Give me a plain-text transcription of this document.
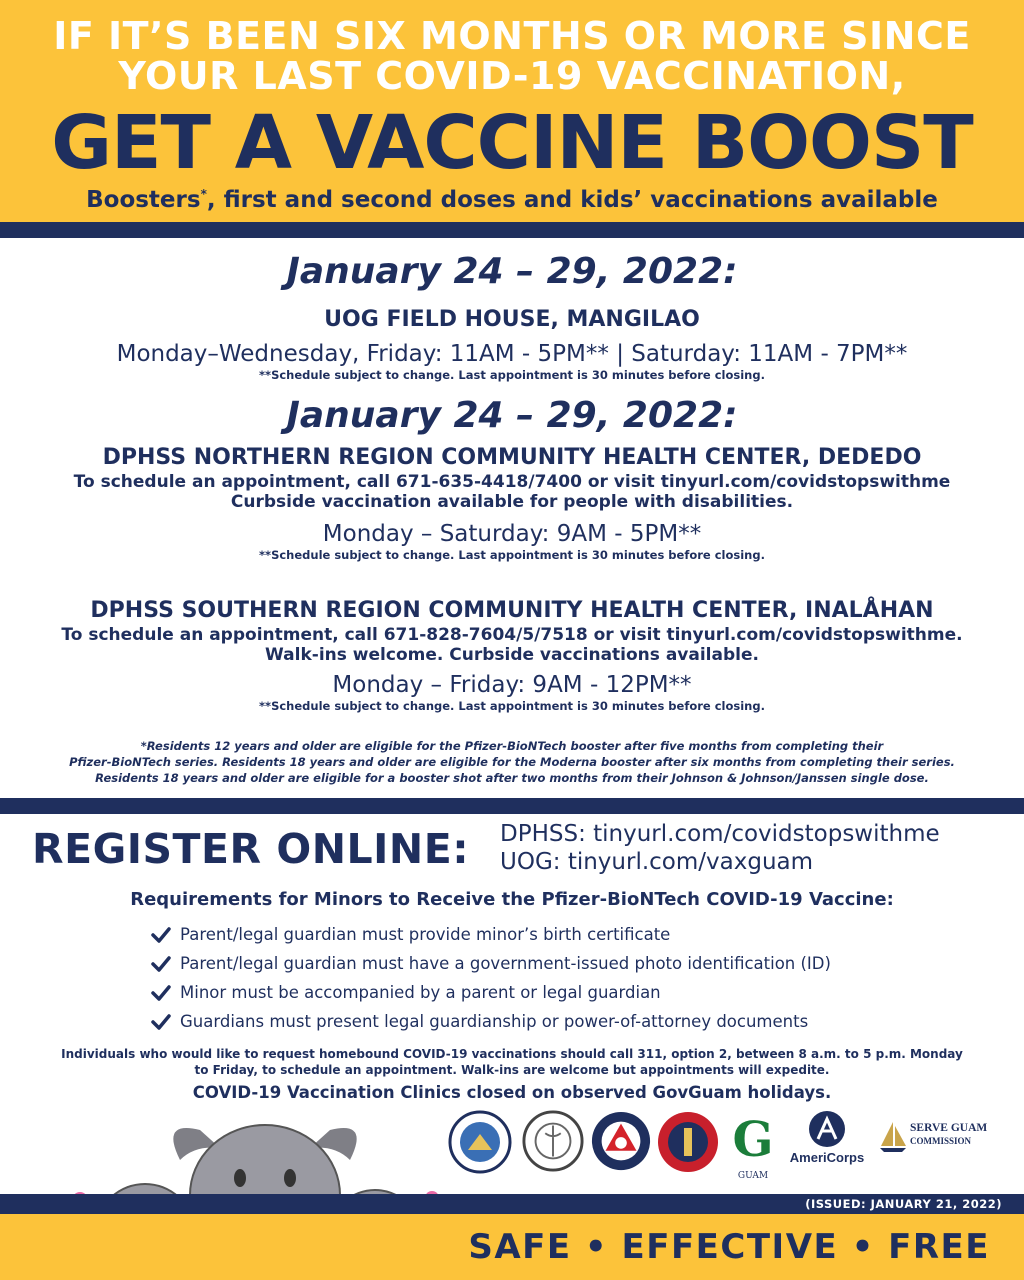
IF IT’S BEEN SIX MONTHS OR MORE SINCE
YOUR LAST COVID-19 VACCINATION,
GET A VACCINE BOOST
Boosters*, first and second doses and kids’ vaccinations available
January 24 – 29, 2022:
UOG FIELD HOUSE, MANGILAO
Monday–Wednesday, Friday: 11AM - 5PM** | Saturday: 11AM - 7PM**
**Schedule subject to change. Last appointment is 30 minutes before closing.
January 24 – 29, 2022:
DPHSS NORTHERN REGION COMMUNITY HEALTH CENTER, DEDEDO
To schedule an appointment, call 671-635-4418/7400 or visit tinyurl.com/covidstopswithme
Curbside vaccination available for people with disabilities.
Monday – Saturday: 9AM - 5PM**
**Schedule subject to change. Last appointment is 30 minutes before closing.
DPHSS SOUTHERN REGION COMMUNITY HEALTH CENTER, INALÅHAN
To schedule an appointment, call 671-828-7604/5/7518 or visit tinyurl.com/covidstopswithme.
Walk-ins welcome. Curbside vaccinations available.
Monday – Friday: 9AM - 12PM**
**Schedule subject to change. Last appointment is 30 minutes before closing.
*Residents 12 years and older are eligible for the Pfizer-BioNTech booster after five months from completing their
Pfizer-BioNTech series. Residents 18 years and older are eligible for the Moderna booster after six months from completing their series.
Residents 18 years and older are eligible for a booster shot after two months from their Johnson & Johnson/Janssen single dose.
REGISTER ONLINE: DPHSS: tinyurl.com/covidstopswithme
UOG: tinyurl.com/vaxguam
Requirements for Minors to Receive the Pfizer-BioNTech COVID-19 Vaccine:
Parent/legal guardian must provide minor’s birth certificate
Parent/legal guardian must have a government-issued photo identification (ID)
Minor must be accompanied by a parent or legal guardian
Guardians must present legal guardianship or power-of-attorney documents
Individuals who would like to request homebound COVID-19 vaccinations should call 311, option 2, between 8 a.m. to 5 p.m. Monday
to Friday, to schedule an appointment. Walk-ins are welcome but appointments will expedite.
COVID-19 Vaccination Clinics closed on observed GovGuam holidays.
G
GUAM
AmeriCorps
SERVE GUAM
COMMISSION
(ISSUED: JANUARY 21, 2022)
SAFE • EFFECTIVE • FREE
